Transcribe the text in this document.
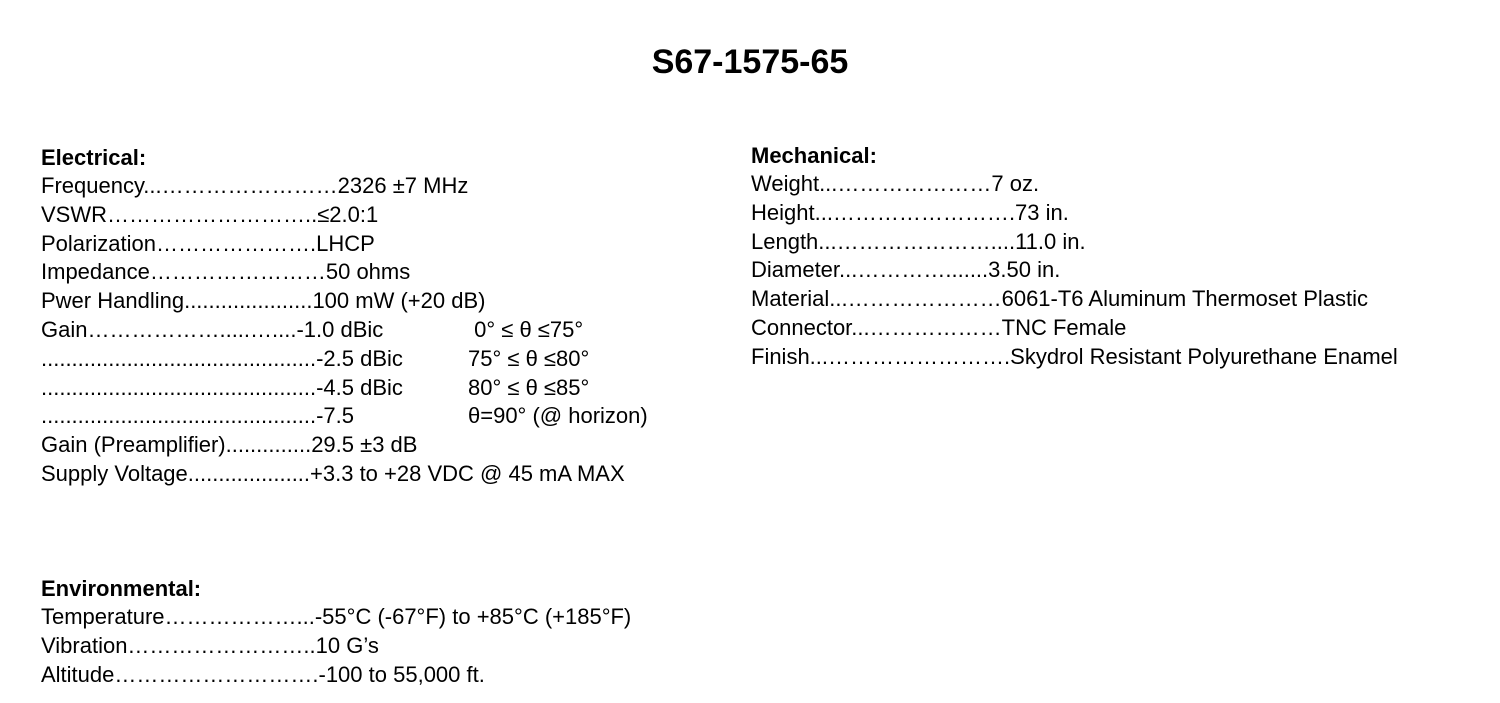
S67-1575-65
Electrical:
Frequency...……………………2326 ±7 MHz
VSWR………………………..≤2.0:1
Polarization………………….LHCP
Impedance……………………50 ohms
Pwer Handling.....................100 mW (+20 dB)
Gain……………….....…....-1.0 dBic	0° ≤ θ ≤75°
.............................................-2.5 dBic	75° ≤ θ ≤80°
.............................................-4.5 dBic	80° ≤ θ ≤85°
.............................................-7.5	θ=90° (@ horizon)
Gain (Preamplifier)..............29.5 ±3 dB
Supply Voltage....................+3.3 to +28 VDC @ 45 mA MAX
Mechanical:
Weight...…………………7 oz.
Height...…………………….73 in.
Length...…………………....11.0 in.
Diameter...………….......3.50 in.
Material...…………………6061-T6 Aluminum Thermoset Plastic
Connector...………………TNC Female
Finish...…………………….Skydrol Resistant Polyurethane Enamel
Environmental:
Temperature………………...-55°C (-67°F) to +85°C (+185°F)
Vibration……………………..10 G’s
Altitude……………………….-100 to 55,000 ft.
